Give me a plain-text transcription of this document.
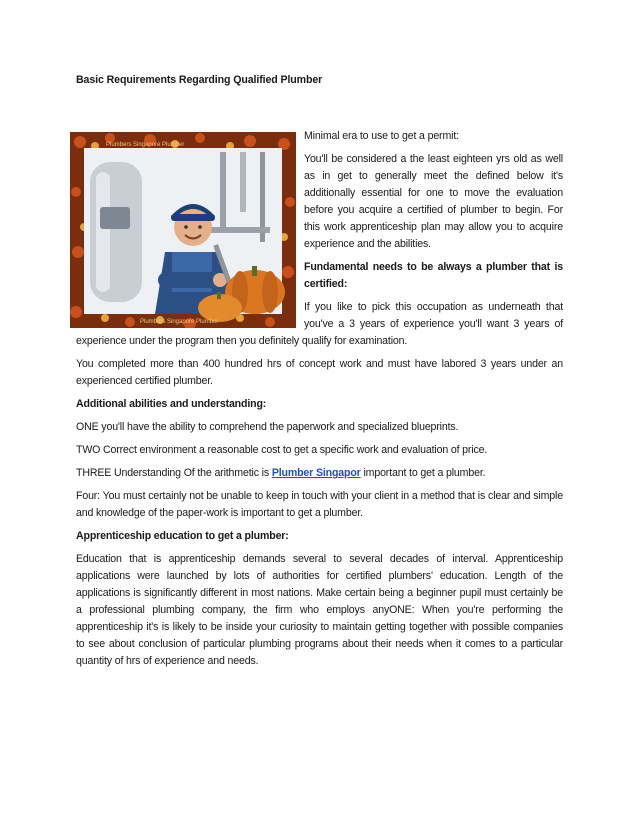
Basic Requirements Regarding Qualified Plumber
Plumbers Singapore Plumber
Plumbers Singapore Plumber

Minimal era to use to get a permit:

You'll be considered a the least eighteen yrs old as well as in get to generally meet the defined below it's additionally essential for one to move the evaluation before you acquire a certified of plumber to begin. For this work apprenticeship plan may allow you to acquire experience and the abilities.

Fundamental needs to be always a plumber that is certified:

If you like to pick this occupation as underneath that you've a 3 years of experience you'll want 3 years of experience under the program then you definitely qualify for examination.

You completed more than 400 hundred hrs of concept work and must have labored 3 years under an experienced certified plumber.

Additional abilities and understanding:

ONE you'll have the ability to comprehend the paperwork and specialized blueprints.

TWO Correct environment a reasonable cost to get a specific work and evaluation of price.

THREE Understanding Of the arithmetic is Plumber Singapor important to get a plumber.

Four: You must certainly not be unable to keep in touch with your client in a method that is clear and simple and knowledge of the paper-work is important to get a plumber.

Apprenticeship education to get a plumber:

Education that is apprenticeship demands several to several decades of interval. Apprenticeship applications were launched by lots of authorities for certified plumbers' education. Length of the applications is significantly different in most nations. Make certain being a beginner pupil must certainly be a professional plumbing company, the firm who employs anyONE: When you're performing the apprenticeship it's is likely to be inside your curiosity to maintain getting together with possible companies to see about conclusion of particular plumbing programs about their needs when it comes to a particular quantity of hrs of experience and needs.
